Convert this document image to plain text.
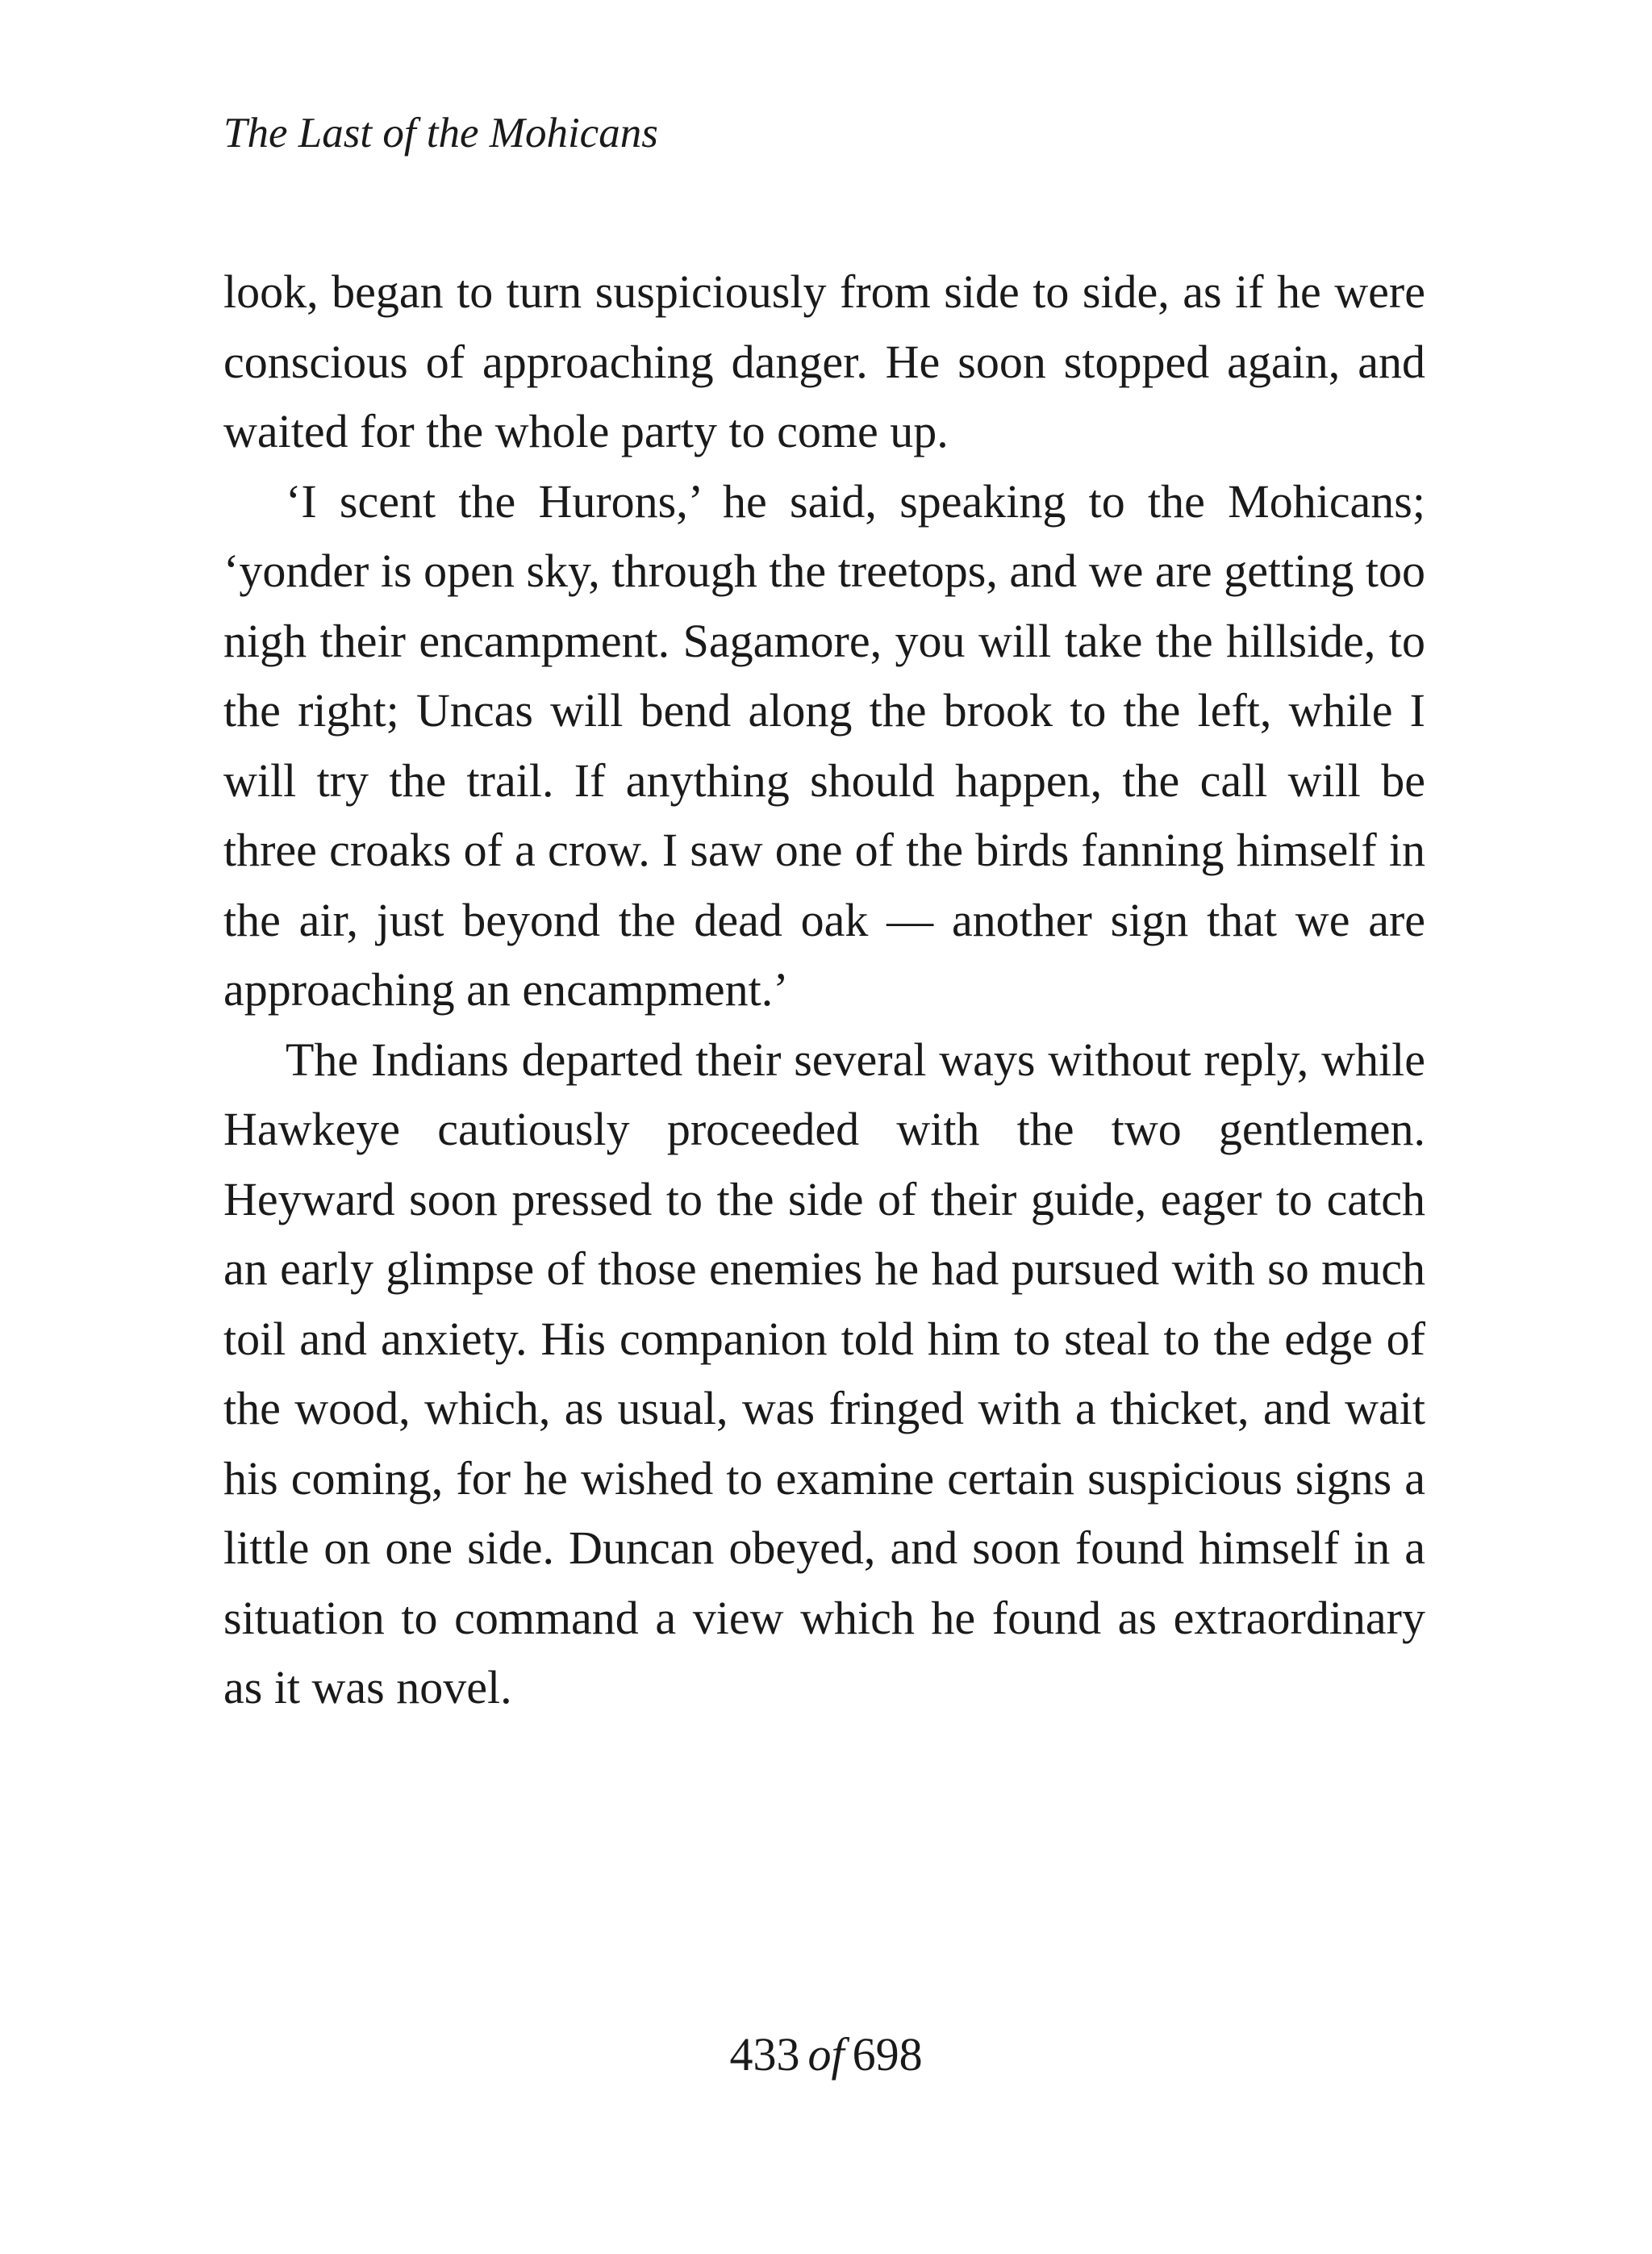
The Last of the Mohicans

look, began to turn suspiciously from side to side, as if he were conscious of approaching danger. He soon stopped again, and waited for the whole party to come up.

‘I scent the Hurons,’ he said, speaking to the Mohicans; ‘yonder is open sky, through the treetops, and we are getting too nigh their encampment. Sagamore, you will take the hillside, to the right; Uncas will bend along the brook to the left, while I will try the trail. If anything should happen, the call will be three croaks of a crow. I saw one of the birds fanning himself in the air, just beyond the dead oak — another sign that we are approaching an encampment.’

The Indians departed their several ways without reply, while Hawkeye cautiously proceeded with the two gentlemen. Heyward soon pressed to the side of their guide, eager to catch an early glimpse of those enemies he had pursued with so much toil and anxiety. His companion told him to steal to the edge of the wood, which, as usual, was fringed with a thicket, and wait his coming, for he wished to examine certain suspicious signs a little on one side. Duncan obeyed, and soon found himself in a situation to command a view which he found as extraordinary as it was novel.

433 of 698
